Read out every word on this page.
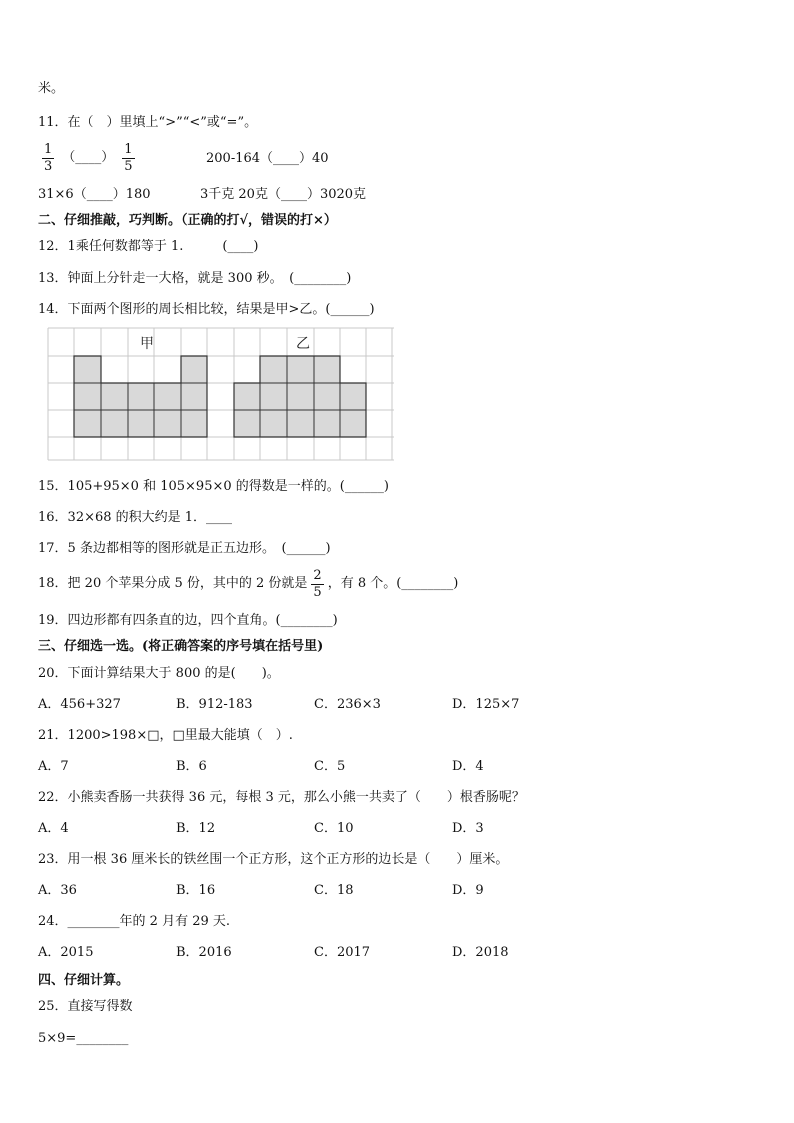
米。
11．在（　）里填上“>”“<”或“=”。
$\frac{1}{3}$ （____） $\frac{1}{5}$	200-164（____）40
31×6（____）180	3千克 20克（____）3020克
二、仔细推敲，巧判断。（正确的打√，错误的打×）
12．1乘任何数都等于 1.　　　(____)
13．钟面上分针走一大格，就是 300 秒。　(________)
14．下面两个图形的周长相比较，结果是甲>乙。(______)
甲	乙
15．105+95×0 和 105×95×0 的得数是一样的。(______)
16．32×68 的积大约是 1．____
17．5 条边都相等的图形就是正五边形。　(______)
18．把 20 个苹果分成 5 份，其中的 2 份就是 $\frac{2}{5}$ ，有 8 个。(________)
19．四边形都有四条直的边，四个直角。(________)
三、仔细选一选。(将正确答案的序号填在括号里)
20．下面计算结果大于 800 的是(　　)。
A．456+327	B．912-183	C．236×3	D．125×7
21．1200>198×□，□里最大能填（　）.
A．7	B．6	C．5	D．4
22．小熊卖香肠一共获得 36 元，每根 3 元，那么小熊一共卖了（　　）根香肠呢？
A．4	B．12	C．10	D．3
23．用一根 36 厘米长的铁丝围一个正方形，这个正方形的边长是（　　）厘米。
A．36	B．16	C．18	D．9
24．________年的 2 月有 29 天.
A．2015	B．2016	C．2017	D．2018
四、仔细计算。
25．直接写得数
5×9=________
